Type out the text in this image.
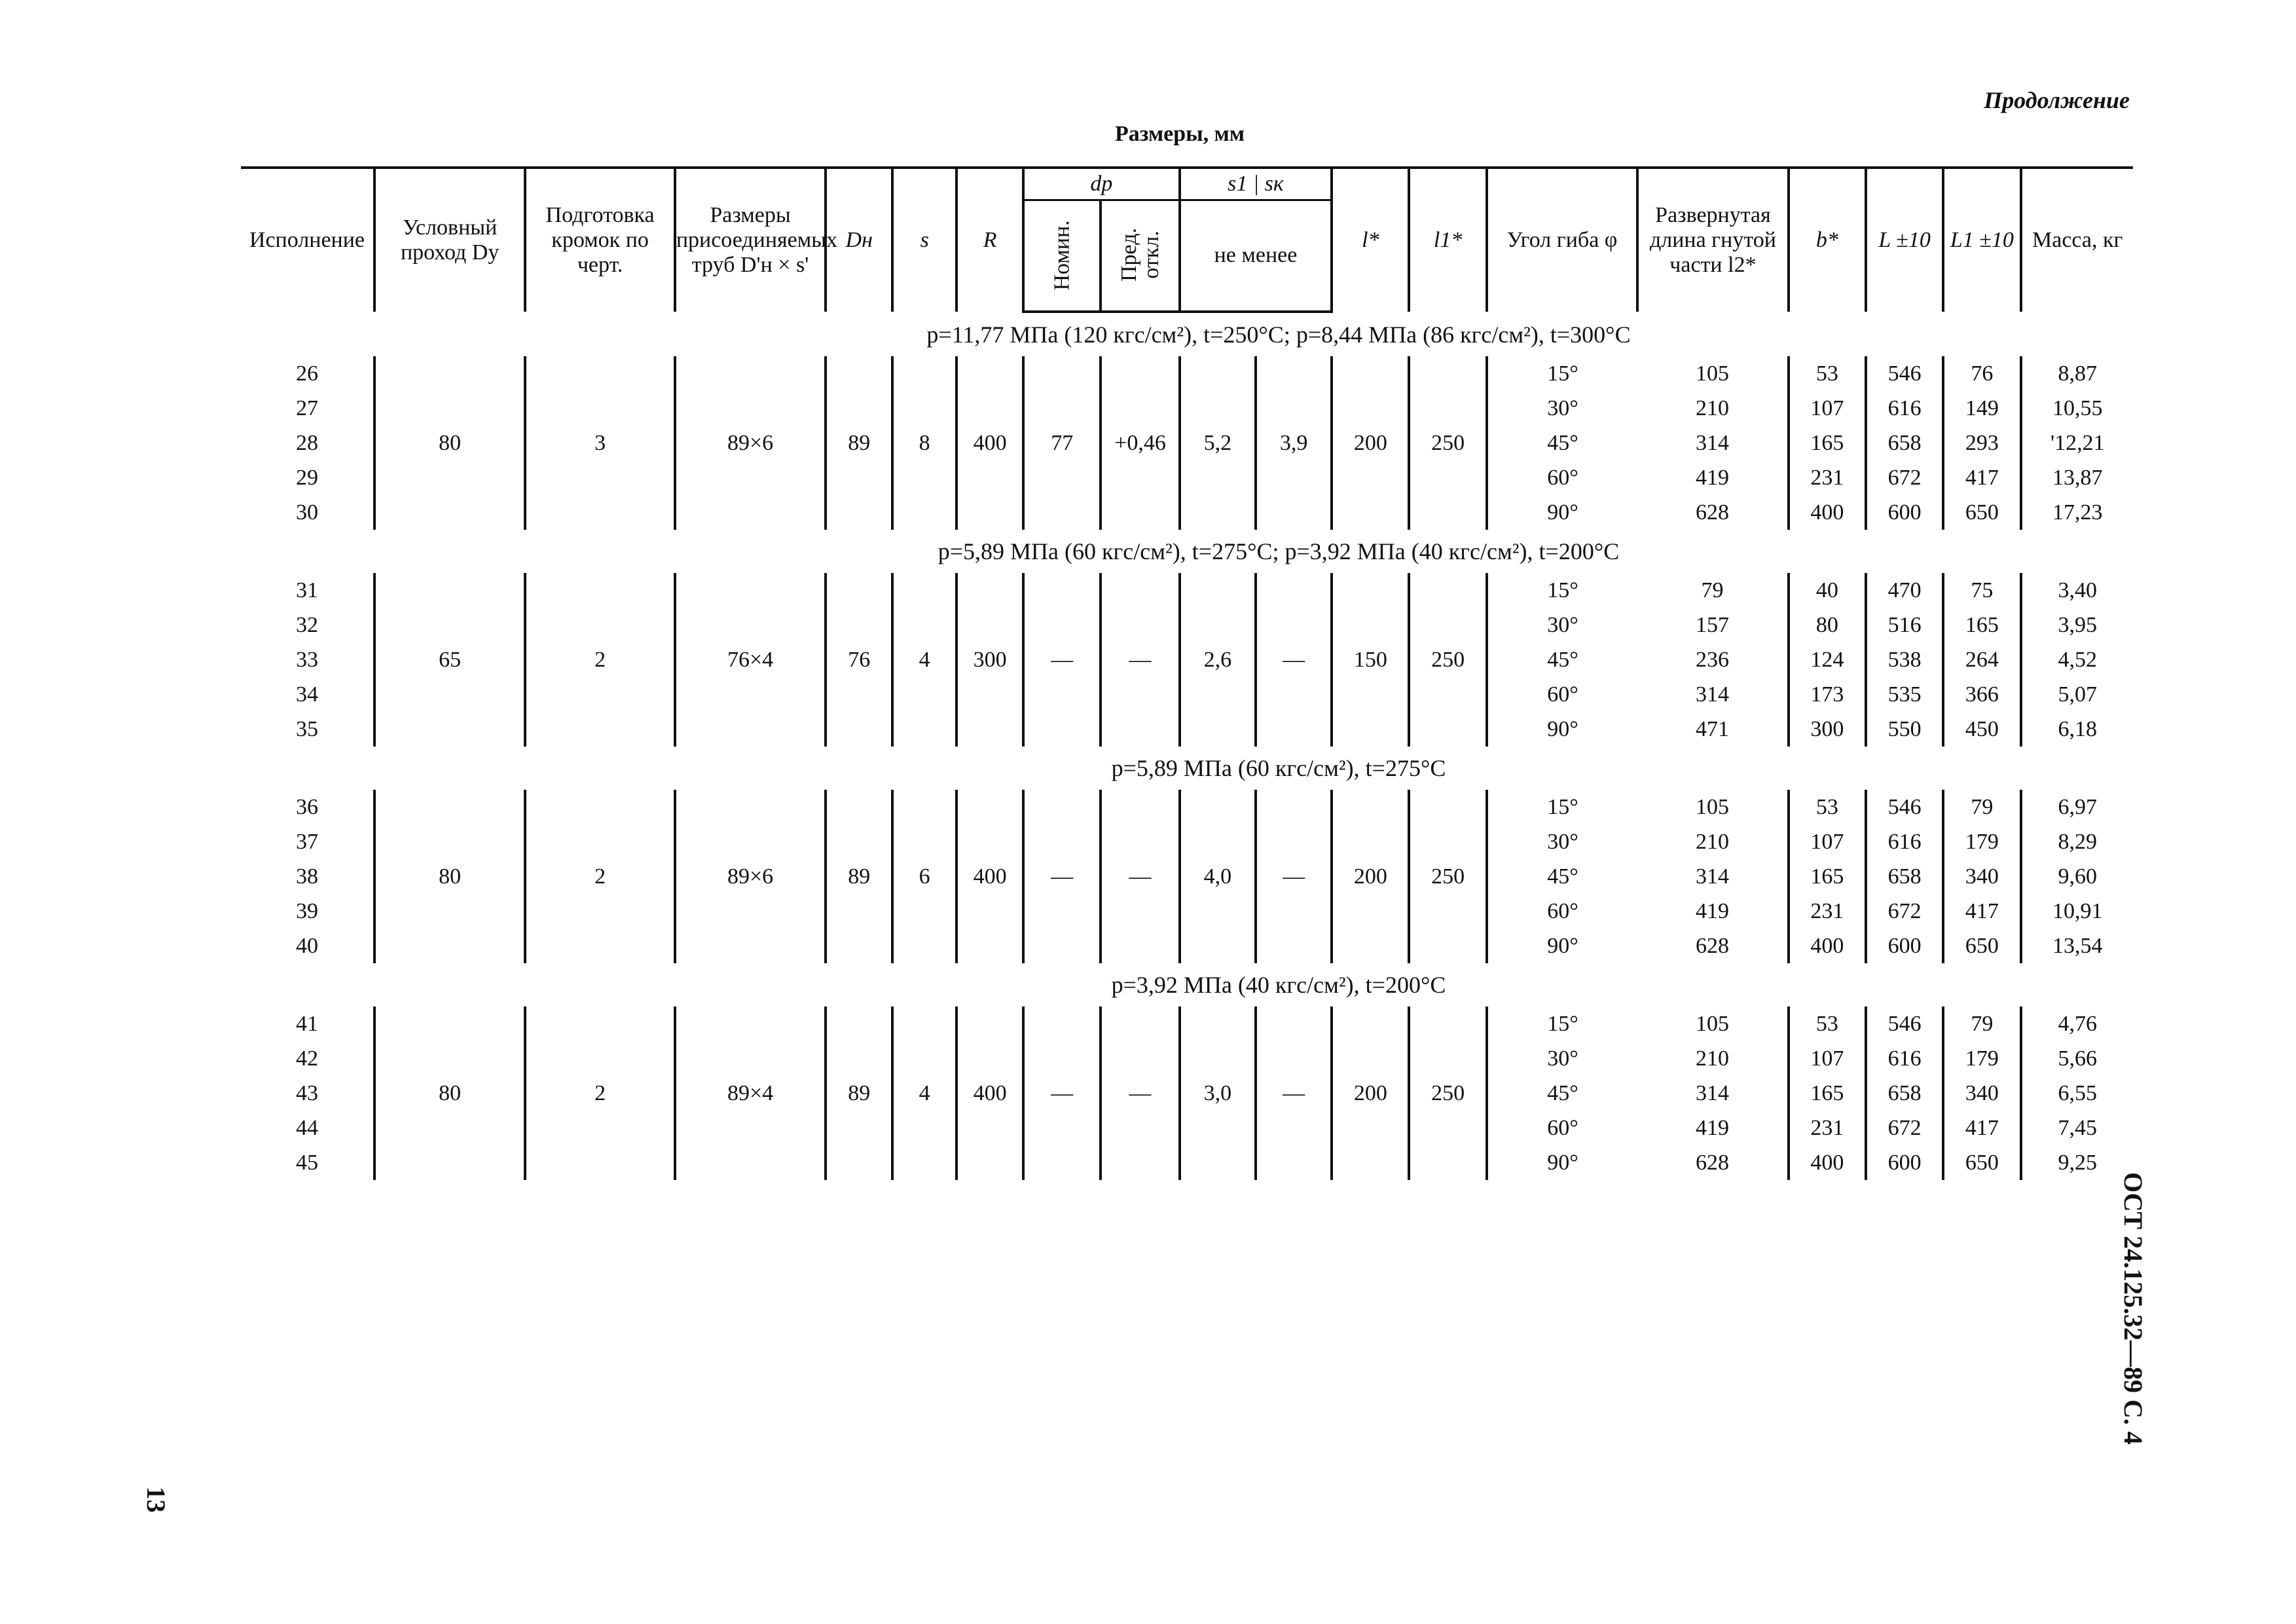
Продолжение
Размеры, мм
Исполнение	Условный проход Dу	Подготовка кромок по черт.	Размеры присоединяемых труб D'н × s'	Dн	s	R	dр		s1 | sк		l*	l1*	Угол гиба φ	Развернутая длина гнутой части l2*	b*	L ±10	L1 ±10	Масса, кг
							Номин.	Пред. откл.	не менее									
p=11,77 МПа (120 кгс/см²), t=250°C; p=8,44 МПа (86 кгс/см²), t=300°C																		
26	80	3	89×6	89	8	400	77	+0,46	5,2	3,9	200	250	15°	105	53	546	76	8,87
27													30°	210	107	616	149	10,55
28													45°	314	165	658	293	'12,21
29													60°	419	231	672	417	13,87
30													90°	628	400	600	650	17,23
p=5,89 МПа (60 кгс/см²), t=275°C; p=3,92 МПа (40 кгс/см²), t=200°C																		
31	65	2	76×4	76	4	300	—	—	2,6	—	150	250	15°	79	40	470	75	3,40
32													30°	157	80	516	165	3,95
33													45°	236	124	538	264	4,52
34													60°	314	173	535	366	5,07
35													90°	471	300	550	450	6,18
p=5,89 МПа (60 кгс/см²), t=275°C																		
36	80	2	89×6	89	6	400	—	—	4,0	—	200	250	15°	105	53	546	79	6,97
37													30°	210	107	616	179	8,29
38													45°	314	165	658	340	9,60
39													60°	419	231	672	417	10,91
40													90°	628	400	600	650	13,54
p=3,92 МПа (40 кгс/см²), t=200°C																		
41	80	2	89×4	89	4	400	—	—	3,0	—	200	250	15°	105	53	546	79	4,76
42													30°	210	107	616	179	5,66
43													45°	314	165	658	340	6,55
44													60°	419	231	672	417	7,45
45													90°	628	400	600	650	9,25
ОСТ 24.125.32—89 С. 4
13
